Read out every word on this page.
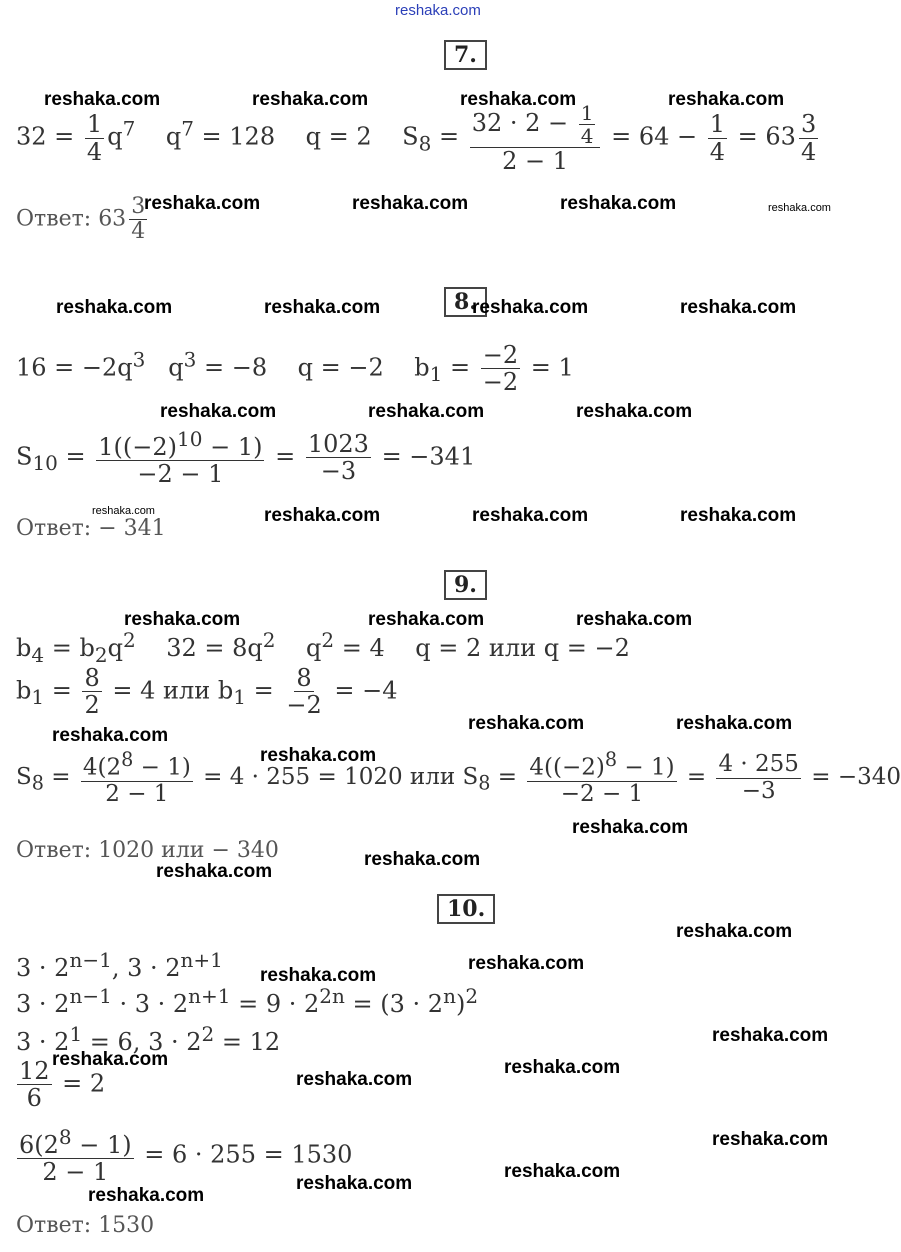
reshaka.com
7.
$32 = \frac{1}{4} q^7$ $q^7 = 128$    q = 2    $S_8 = \frac{32 \cdot 2 - \frac{1}{4}}{2 - 1} = 64 - \frac{1}{4} = 63 \frac{3}{4}$
Ответ: $63 \frac{3}{4}$
8.
$16 = -2q^3$   $q^3 = -8$    q = −2    $b_1 = \frac{-2}{-2} = 1$
$S_{10} = \frac{1((-2)^{10} - 1)}{-2 - 1} = \frac{1023}{-3} = -341$
Ответ: − 341
9.
$b_4 = b_2q^2$    $32 = 8q^2$    $q^2 = 4$    q = 2 или q = −2
$b_1 = \frac{8}{2} = 4$ или $b_1 = \frac{8}{-2} = -4$
$S_8 = \frac{4(2^8 - 1)}{2 - 1} = 4 \cdot 255 = 1020$ или $S_8 = \frac{4((-2)^8 - 1)}{-2 - 1} = \frac{4 \cdot 255}{-3} = -340$
Ответ: 1020 или − 340
10.
$3 \cdot 2^{n-1}$, $3 \cdot 2^{n+1}$
$3 \cdot 2^{n-1} \cdot 3 \cdot 2^{n+1} = 9 \cdot 2^{2n} = (3 \cdot 2^n)^2$
$3 \cdot 2^1 = 6$, $3 \cdot 2^2 = 12$
$\frac{12}{6} = 2$
$\frac{6(2^8 - 1)}{2 - 1} = 6 \cdot 255 = 1530$
Ответ: 1530
reshaka.com	reshaka.com	reshaka.com	reshaka.com
reshaka.com	reshaka.com	reshaka.com	reshaka.com
reshaka.com	reshaka.com	reshaka.com	reshaka.com
reshaka.com	reshaka.com	reshaka.com
reshaka.com	reshaka.com	reshaka.com	reshaka.com
reshaka.com	reshaka.com	reshaka.com
reshaka.com	reshaka.com
reshaka.com
reshaka.com
reshaka.com
reshaka.com
reshaka.com
reshaka.com
reshaka.com
reshaka.com
reshaka.com
reshaka.com	reshaka.com
reshaka.com
reshaka.com
reshaka.com
reshaka.com
reshaka.com
